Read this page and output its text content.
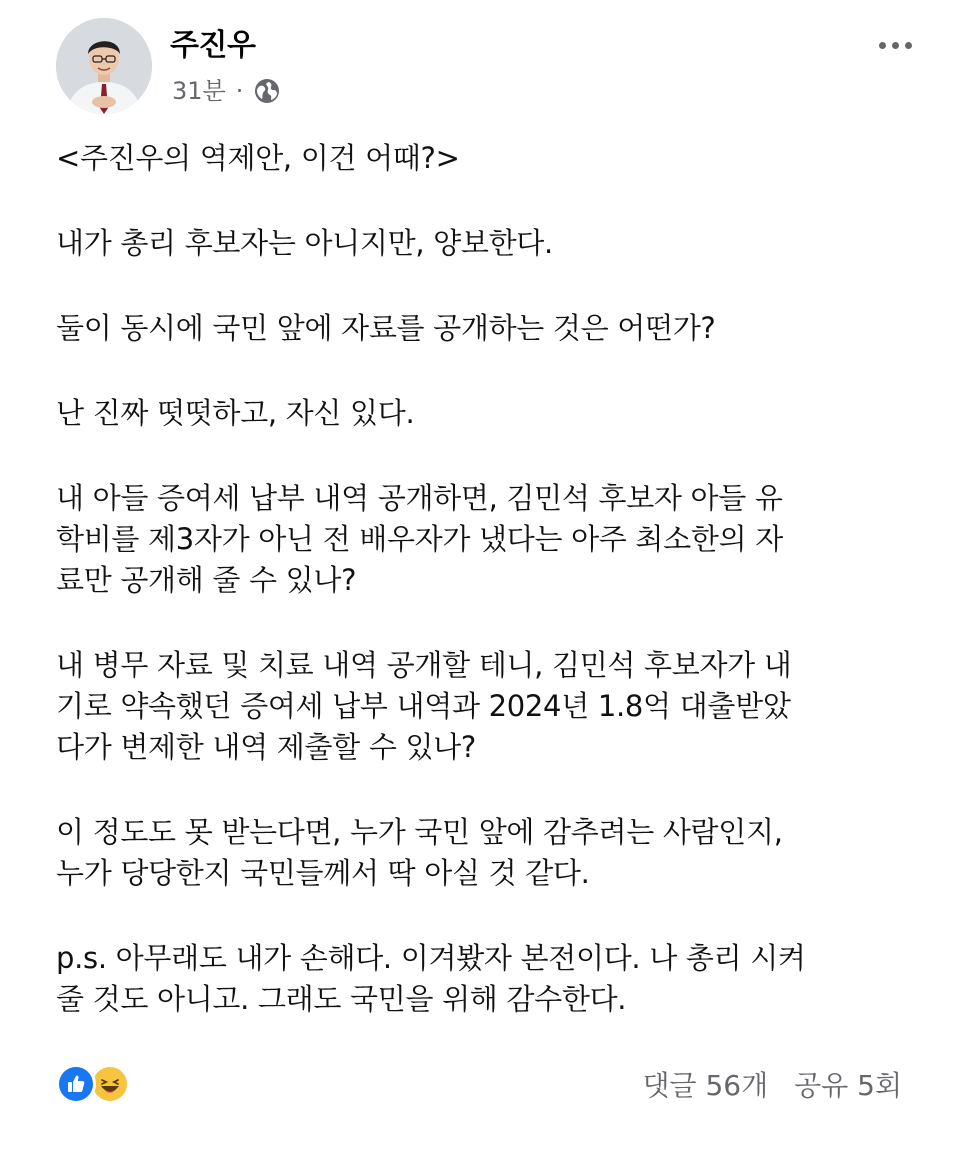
주진우
31분 ·
<주진우의 역제안, 이건 어때?>
내가 총리 후보자는 아니지만, 양보한다.
둘이 동시에 국민 앞에 자료를 공개하는 것은 어떤가?
난 진짜 떳떳하고, 자신 있다.
내 아들 증여세 납부 내역 공개하면, 김민석 후보자 아들 유
학비를 제3자가 아닌 전 배우자가 냈다는 아주 최소한의 자
료만 공개해 줄 수 있나?
내 병무 자료 및 치료 내역 공개할 테니, 김민석 후보자가 내
기로 약속했던 증여세 납부 내역과 2024년 1.8억 대출받았
다가 변제한 내역 제출할 수 있나?
이 정도도 못 받는다면, 누가 국민 앞에 감추려는 사람인지,
누가 당당한지 국민들께서 딱 아실 것 같다.
p.s. 아무래도 내가 손해다. 이겨봤자 본전이다. 나 총리 시켜
줄 것도 아니고. 그래도 국민을 위해 감수한다.
댓글 56개 공유 5회
